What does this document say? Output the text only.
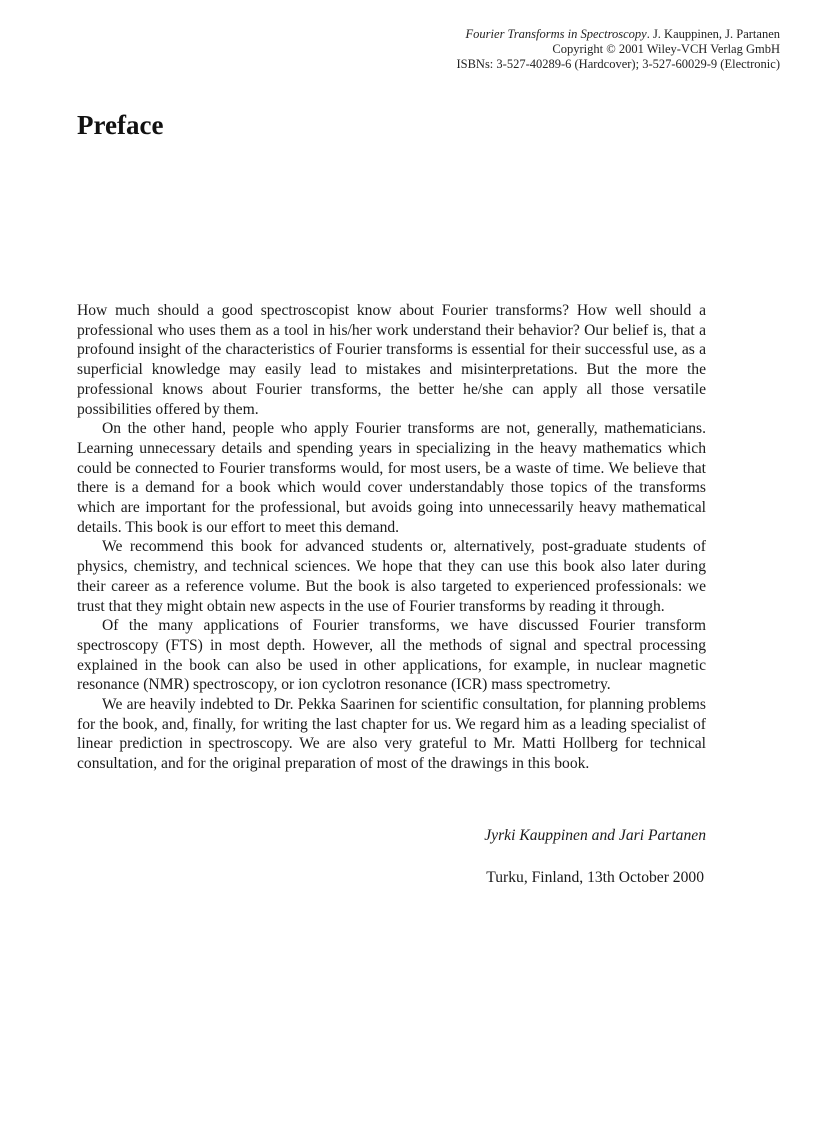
Fourier Transforms in Spectroscopy. J. Kauppinen, J. Partanen
Copyright © 2001 Wiley-VCH Verlag GmbH
ISBNs: 3-527-40289-6 (Hardcover); 3-527-60029-9 (Electronic)
Preface

How much should a good spectroscopist know about Fourier transforms? How well should a professional who uses them as a tool in his/her work understand their behavior? Our belief is, that a profound insight of the characteristics of Fourier transforms is essential for their successful use, as a superficial knowledge may easily lead to mistakes and misinterpretations. But the more the professional knows about Fourier transforms, the better he/she can apply all those versatile possibilities offered by them.

On the other hand, people who apply Fourier transforms are not, generally, mathematicians. Learning unnecessary details and spending years in specializing in the heavy mathematics which could be connected to Fourier transforms would, for most users, be a waste of time. We believe that there is a demand for a book which would cover understandably those topics of the transforms which are important for the professional, but avoids going into unnecessarily heavy mathematical details. This book is our effort to meet this demand.

We recommend this book for advanced students or, alternatively, post-graduate students of physics, chemistry, and technical sciences. We hope that they can use this book also later during their career as a reference volume. But the book is also targeted to experienced professionals: we trust that they might obtain new aspects in the use of Fourier transforms by reading it through.

Of the many applications of Fourier transforms, we have discussed Fourier transform spectroscopy (FTS) in most depth. However, all the methods of signal and spectral processing explained in the book can also be used in other applications, for example, in nuclear magnetic resonance (NMR) spectroscopy, or ion cyclotron resonance (ICR) mass spectrometry.

We are heavily indebted to Dr. Pekka Saarinen for scientific consultation, for planning problems for the book, and, finally, for writing the last chapter for us. We regard him as a leading specialist of linear prediction in spectroscopy. We are also very grateful to Mr. Matti Hollberg for technical consultation, and for the original preparation of most of the drawings in this book.

Jyrki Kauppinen and Jari Partanen
Turku, Finland, 13th October 2000
